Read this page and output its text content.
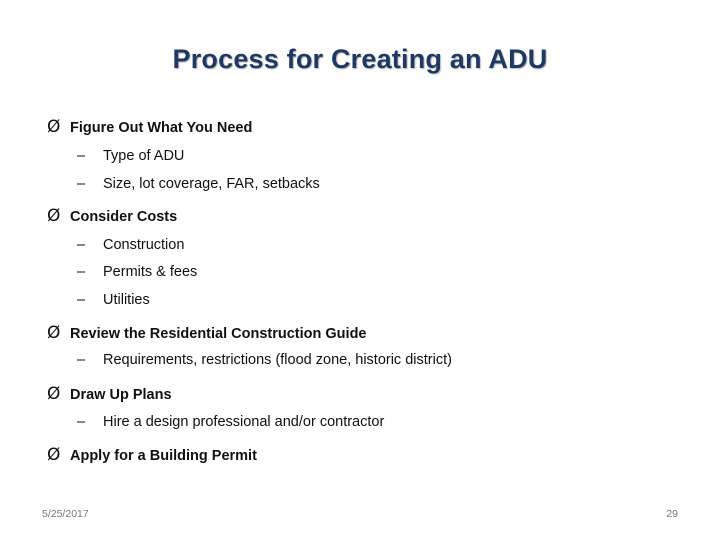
Process for Creating an ADU
Ø Figure Out What You Need
– Type of ADU
– Size, lot coverage, FAR, setbacks
Ø Consider Costs
– Construction
– Permits & fees
– Utilities
Ø Review the Residential Construction Guide
– Requirements, restrictions (flood zone, historic district)
Ø Draw Up Plans
– Hire a design professional and/or contractor
Ø Apply for a Building Permit
5/25/2017	29
